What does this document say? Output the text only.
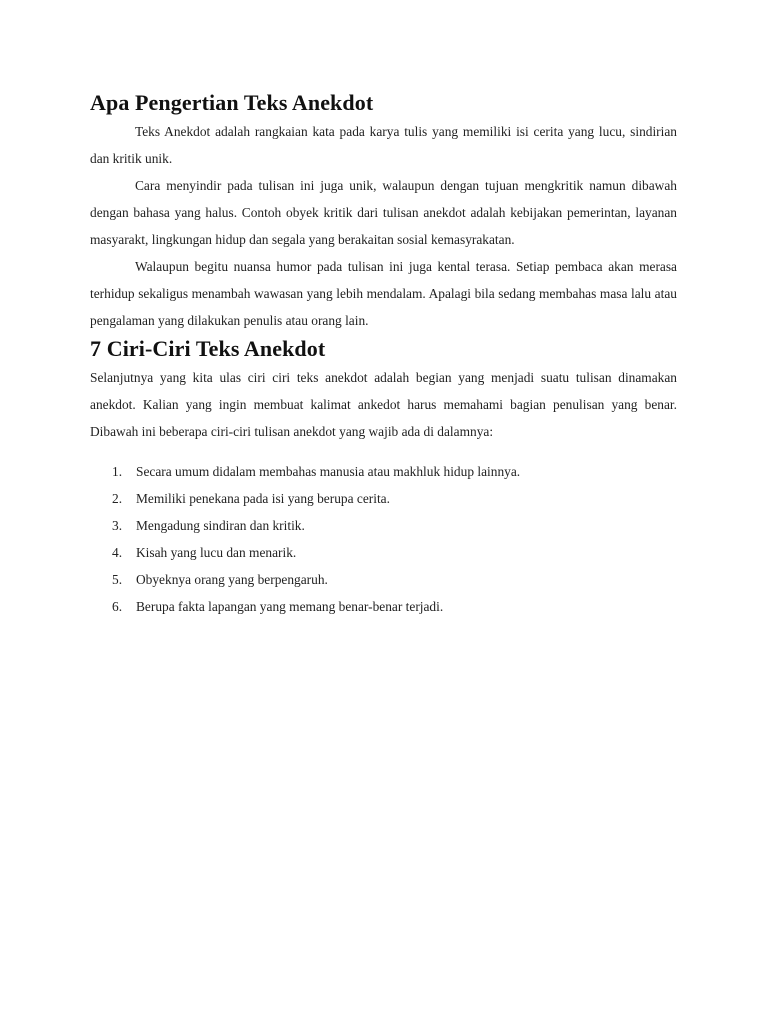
Apa Pengertian Teks Anekdot

Teks Anekdot adalah rangkaian kata pada karya tulis yang memiliki isi cerita yang lucu, sindirian dan kritik unik.

Cara menyindir pada tulisan ini juga unik, walaupun dengan tujuan mengkritik namun dibawah dengan bahasa yang halus. Contoh obyek kritik dari tulisan anekdot adalah kebijakan pemerintan, layanan masyarakt, lingkungan hidup dan segala yang berakaitan sosial kemasyrakatan.

Walaupun begitu nuansa humor pada tulisan ini juga kental terasa. Setiap pembaca akan merasa terhidup sekaligus menambah wawasan yang lebih mendalam. Apalagi bila sedang membahas masa lalu atau pengalaman yang dilakukan penulis atau orang lain.

7 Ciri-Ciri Teks Anekdot

Selanjutnya yang kita ulas ciri ciri teks anekdot adalah begian yang menjadi suatu tulisan dinamakan anekdot. Kalian yang ingin membuat kalimat ankedot harus memahami bagian penulisan yang benar. Dibawah ini beberapa ciri-ciri tulisan anekdot yang wajib ada di dalamnya:

1.	Secara umum didalam membahas manusia atau makhluk hidup lainnya.
2.	Memiliki penekana pada isi yang berupa cerita.
3.	Mengadung sindiran dan kritik.
4.	Kisah yang lucu dan menarik.
5.	Obyeknya orang yang berpengaruh.
6.	Berupa fakta lapangan yang memang benar-benar terjadi.
